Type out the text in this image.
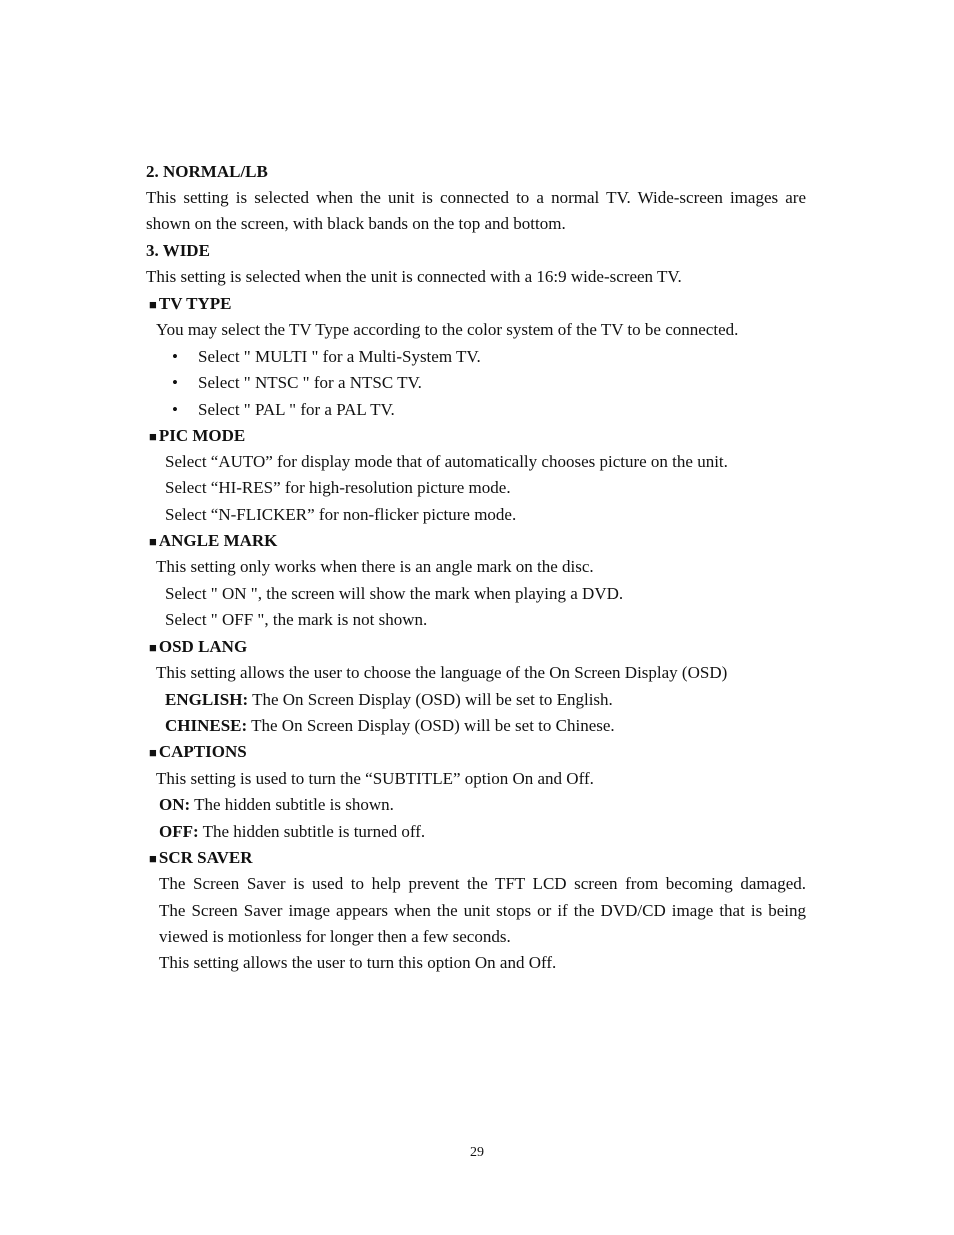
2. NORMAL/LB
This setting is selected when the unit is connected to a normal TV. Wide-screen images are
shown on the screen, with black bands on the top and bottom.
3. WIDE
This setting is selected when the unit is connected with a 16:9 wide-screen TV.
■ TV TYPE
You may select the TV Type according to the color system of the TV to be connected.
• Select " MULTI " for a Multi-System TV.
• Select " NTSC " for a NTSC TV.
• Select " PAL " for a PAL TV.
■ PIC MODE
Select “AUTO” for display mode that of automatically chooses picture on the unit.
Select “HI-RES” for high-resolution picture mode.
Select “N-FLICKER” for non-flicker picture mode.
■ ANGLE MARK
This setting only works when there is an angle mark on the disc.
Select " ON ", the screen will show the mark when playing a DVD.
Select " OFF ", the mark is not shown.
■ OSD LANG
This setting allows the user to choose the language of the On Screen Display (OSD)
ENGLISH: The On Screen Display (OSD) will be set to English.
CHINESE: The On Screen Display (OSD) will be set to Chinese.
■ CAPTIONS
This setting is used to turn the “SUBTITLE” option On and Off.
ON: The hidden subtitle is shown.
OFF: The hidden subtitle is turned off.
■ SCR SAVER
The Screen Saver is used to help prevent the TFT LCD screen from becoming damaged.
The Screen Saver image appears when the unit stops or if the DVD/CD image that is being
viewed is motionless for longer then a few seconds.
This setting allows the user to turn this option On and Off.
29
